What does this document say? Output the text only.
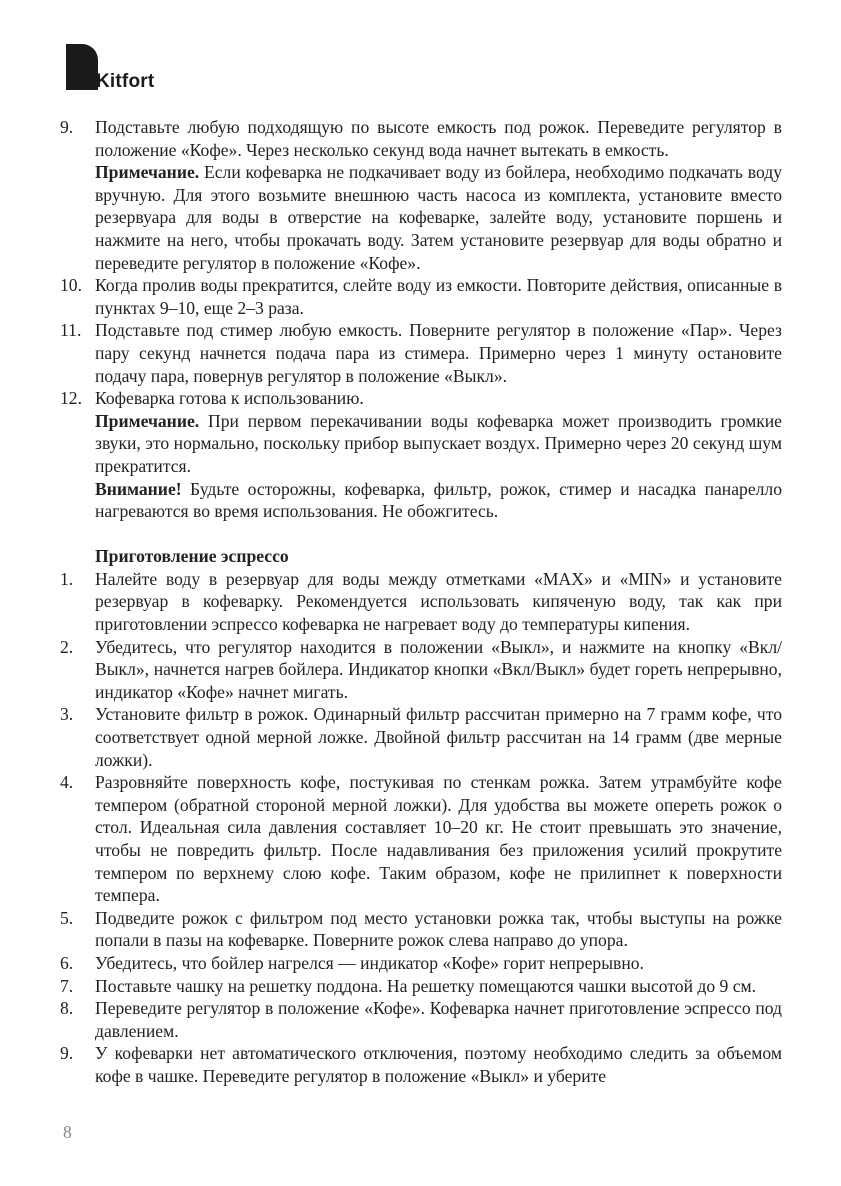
Kitfort
9. Подставьте любую подходящую по высоте емкость под рожок. Переведите регулятор в положение «Кофе». Через несколько секунд вода начнет вытекать в емкость.
Примечание. Если кофеварка не подкачивает воду из бойлера, необходимо подкачать воду вручную. Для этого возьмите внешнюю часть насоса из комплекта, установите вместо резервуара для воды в отверстие на кофеварке, залейте воду, установите поршень и нажмите на него, чтобы прокачать воду. Затем установите резервуар для воды обратно и переведите регулятор в положение «Кофе».
10. Когда пролив воды прекратится, слейте воду из емкости. Повторите действия, описанные в пунктах 9–10, еще 2–3 раза.
11. Подставьте под стимер любую емкость. Поверните регулятор в положение «Пар». Через пару секунд начнется подача пара из стимера. Примерно через 1 минуту остановите подачу пара, повернув регулятор в положение «Выкл».
12. Кофеварка готова к использованию.
Примечание. При первом перекачивании воды кофеварка может производить громкие звуки, это нормально, поскольку прибор выпускает воздух. Примерно через 20 секунд шум прекратится.
Внимание! Будьте осторожны, кофеварка, фильтр, рожок, стимер и насадка панарелло нагреваются во время использования. Не обожгитесь.
Приготовление эспрессо
1. Налейте воду в резервуар для воды между отметками «MAX» и «MIN» и установите резервуар в кофеварку. Рекомендуется использовать кипяченую воду, так как при приготовлении эспрессо кофеварка не нагревает воду до температуры кипения.
2. Убедитесь, что регулятор находится в положении «Выкл», и нажмите на кнопку «Вкл/Выкл», начнется нагрев бойлера. Индикатор кнопки «Вкл/Выкл» будет гореть непрерывно, индикатор «Кофе» начнет мигать.
3. Установите фильтр в рожок. Одинарный фильтр рассчитан примерно на 7 грамм кофе, что соответствует одной мерной ложке. Двойной фильтр рассчитан на 14 грамм (две мерные ложки).
4. Разровняйте поверхность кофе, постукивая по стенкам рожка. Затем утрамбуйте кофе темпером (обратной стороной мерной ложки). Для удобства вы можете опереть рожок о стол. Идеальная сила давления составляет 10–20 кг. Не стоит превышать это значение, чтобы не повредить фильтр. После надавливания без приложения усилий прокрутите темпером по верхнему слою кофе. Таким образом, кофе не прилипнет к поверхности темпера.
5. Подведите рожок с фильтром под место установки рожка так, чтобы выступы на рожке попали в пазы на кофеварке. Поверните рожок слева направо до упора.
6. Убедитесь, что бойлер нагрелся — индикатор «Кофе» горит непрерывно.
7. Поставьте чашку на решетку поддона. На решетку помещаются чашки высотой до 9 см.
8. Переведите регулятор в положение «Кофе». Кофеварка начнет приготовление эспрессо под давлением.
9. У кофеварки нет автоматического отключения, поэтому необходимо следить за объемом кофе в чашке. Переведите регулятор в положение «Выкл» и уберите
8
